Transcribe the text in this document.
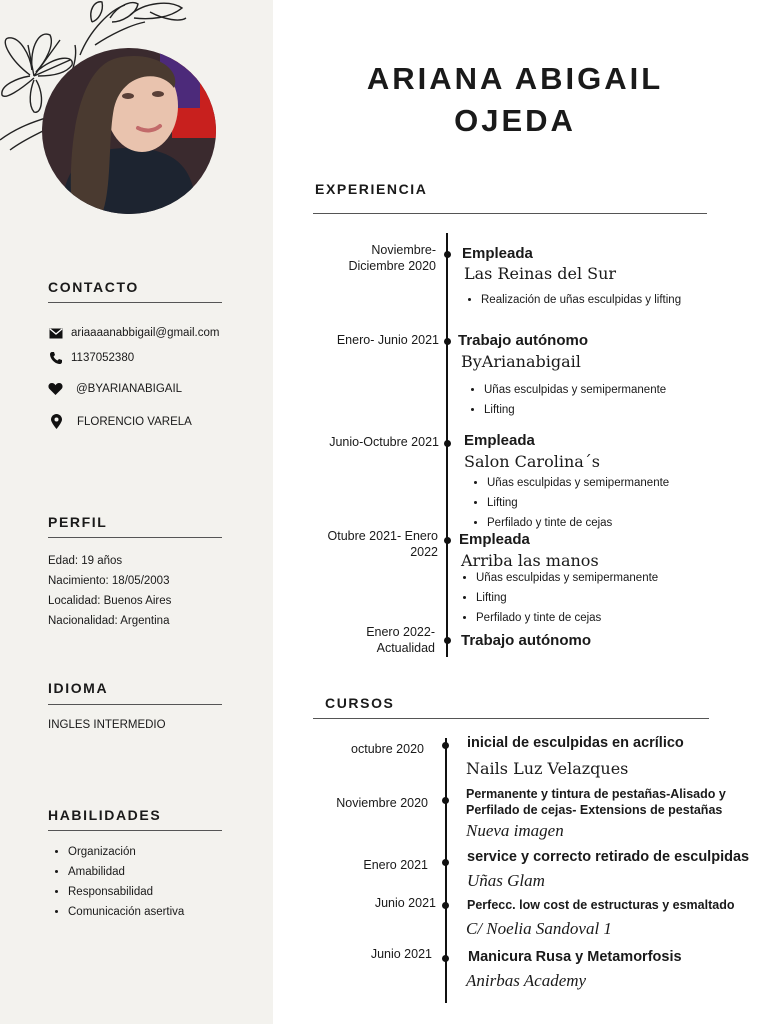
CONTACTO
ariaaaanabbigail@gmail.com
1137052380
@BYARIANABIGAIL
FLORENCIO VARELA
PERFIL
Edad: 19 años
Nacimiento: 18/05/2003
Localidad: Buenos Aires
Nacionalidad: Argentina
IDIOMA
INGLES INTERMEDIO
HABILIDADES
• Organización
• Amabilidad
• Responsabilidad
• Comunicación asertiva
ARIANA ABIGAIL
OJEDA
EXPERIENCIA
Noviembre-
Diciembre 2020
Empleada
Las Reinas del Sur
• Realización de uñas esculpidas y lifting
Enero- Junio 2021 Trabajo autónomo
ByArianabigail
• Uñas esculpidas y semipermanente
• Lifting
Junio-Octubre 2021 Empleada
Salon Carolina´s
• Uñas esculpidas y semipermanente
• Lifting
• Perfilado y tinte de cejas
Otubre 2021- Enero
2022
Empleada
Arriba las manos
• Uñas esculpidas y semipermanente
• Lifting
• Perfilado y tinte de cejas
Enero 2022-
Actualidad Trabajo autónomo
CURSOS
octubre 2020	inicial de esculpidas en acrílico
Nails Luz Velazques
Noviembre 2020
Permanente y tintura de pestañas-Alisado y Perfilado de cejas- Extensions de pestañas
Nueva imagen
Enero 2021	service y correcto retirado de esculpidas
Uñas Glam
Junio 2021 Perfecc. low cost de estructuras y esmaltado
C/ Noelia Sandoval 1
Junio 2021 Manicura Rusa y Metamorfosis
Anirbas Academy
